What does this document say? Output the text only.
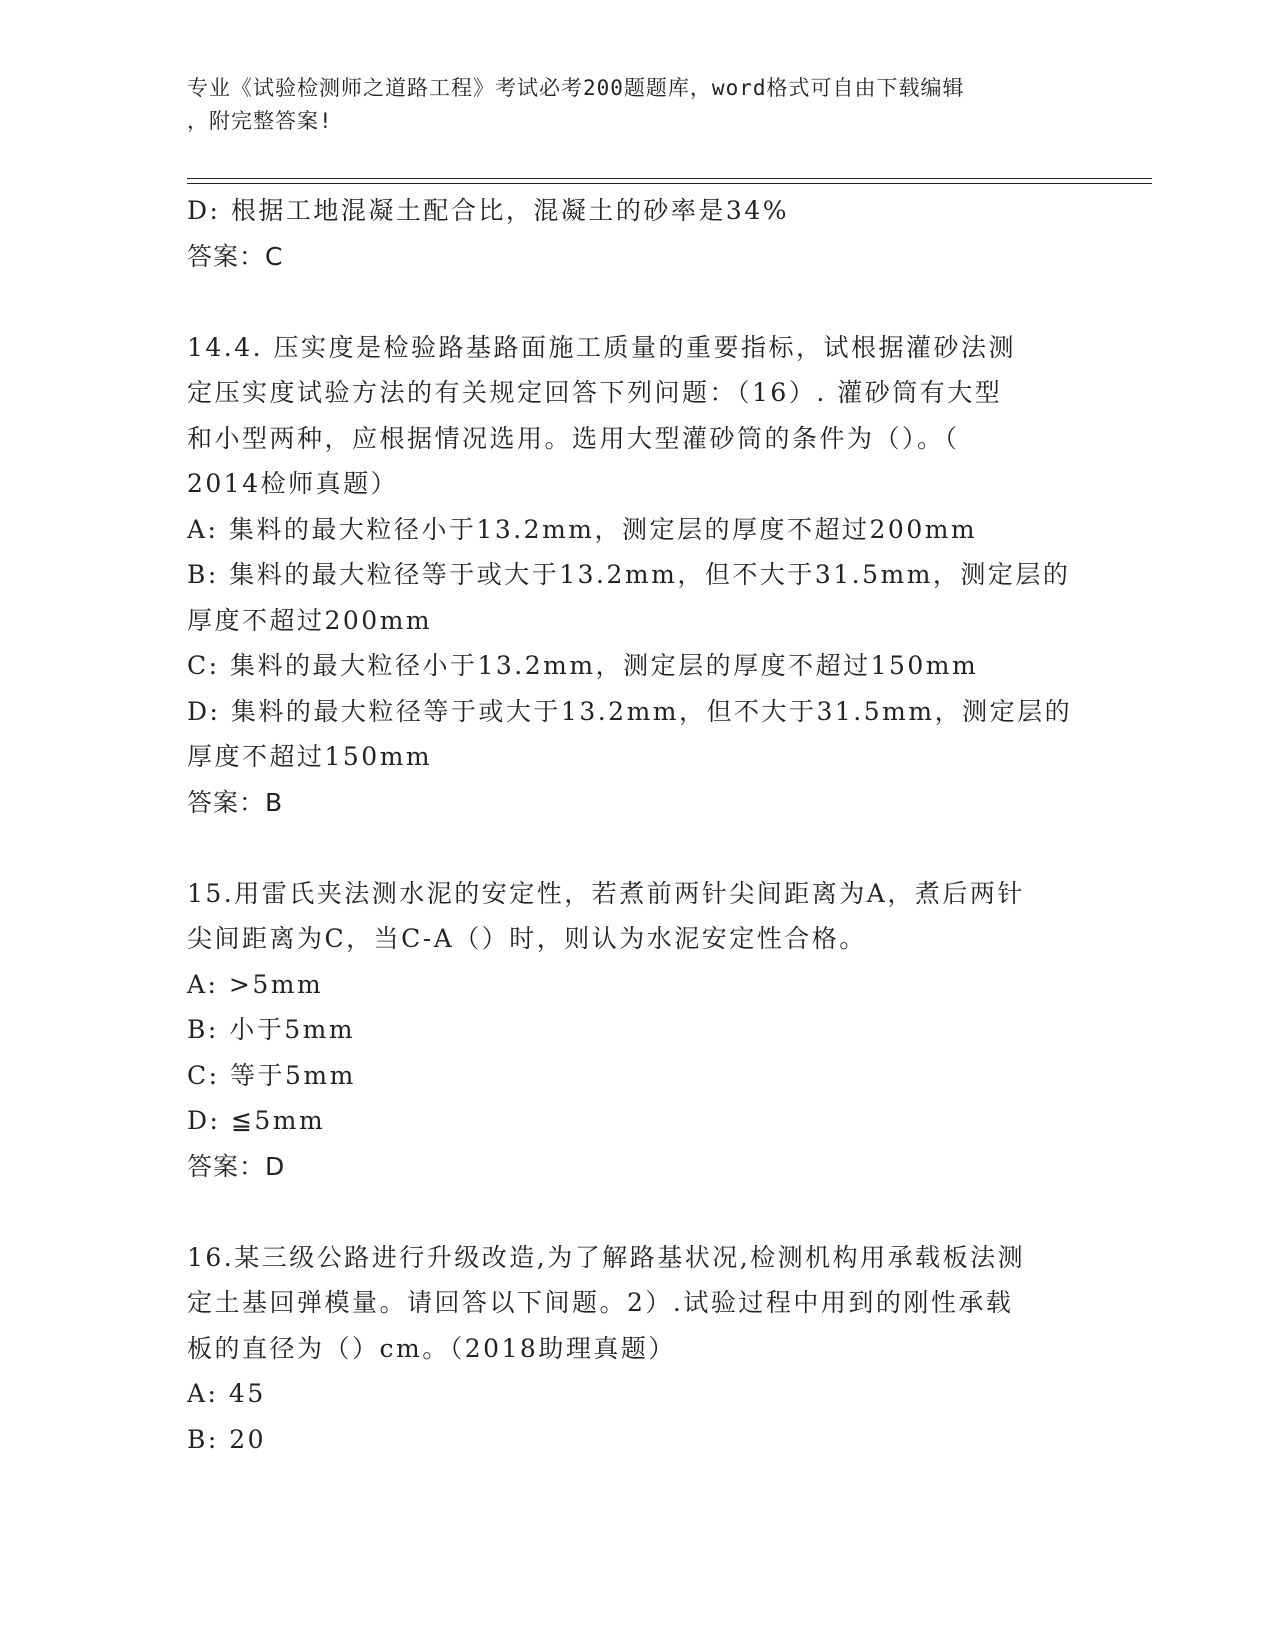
专业《试验检测师之道路工程》考试必考200题题库，word格式可自由下载编辑
，附完整答案!
D: 根据工地混凝土配合比，混凝土的砂率是34%
答案：C
14.4. 压实度是检验路基路面施工质量的重要指标，试根据灌砂法测
定压实度试验方法的有关规定回答下列问题：（16）. 灌砂筒有大型
和小型两种，应根据情况选用。选用大型灌砂筒的条件为（）。（
2014检师真题）
A: 集料的最大粒径小于13.2mm，测定层的厚度不超过200mm
B: 集料的最大粒径等于或大于13.2mm，但不大于31.5mm，测定层的
厚度不超过200mm
C: 集料的最大粒径小于13.2mm，测定层的厚度不超过150mm
D: 集料的最大粒径等于或大于13.2mm，但不大于31.5mm，测定层的
厚度不超过150mm
答案：B
15.用雷氏夹法测水泥的安定性，若煮前两针尖间距离为A，煮后两针
尖间距离为C，当C-A（）时，则认为水泥安定性合格。
A: >5mm
B: 小于5mm
C: 等于5mm
D: ≦5mm
答案：D
16.某三级公路进行升级改造,为了解路基状况,检测机构用承载板法测
定土基回弹模量。请回答以下间题。2）.试验过程中用到的刚性承载
板的直径为（）cm。（2018助理真题）
A: 45
B: 20
